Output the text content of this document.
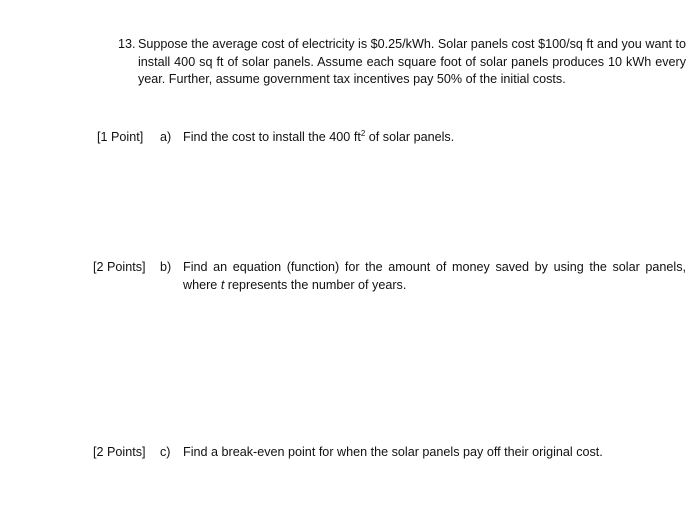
13. Suppose the average cost of electricity is $0.25/kWh. Solar panels cost $100/sq ft and you want to install 400 sq ft of solar panels. Assume each square foot of solar panels produces 10 kWh every year. Further, assume government tax incentives pay 50% of the initial costs.
[1 Point] a) Find the cost to install the 400 $ft^2$ of solar panels.
[2 Points] b) Find an equation (function) for the amount of money saved by using the solar panels, where t represents the number of years.
[2 Points] c) Find a break-even point for when the solar panels pay off their original cost.
